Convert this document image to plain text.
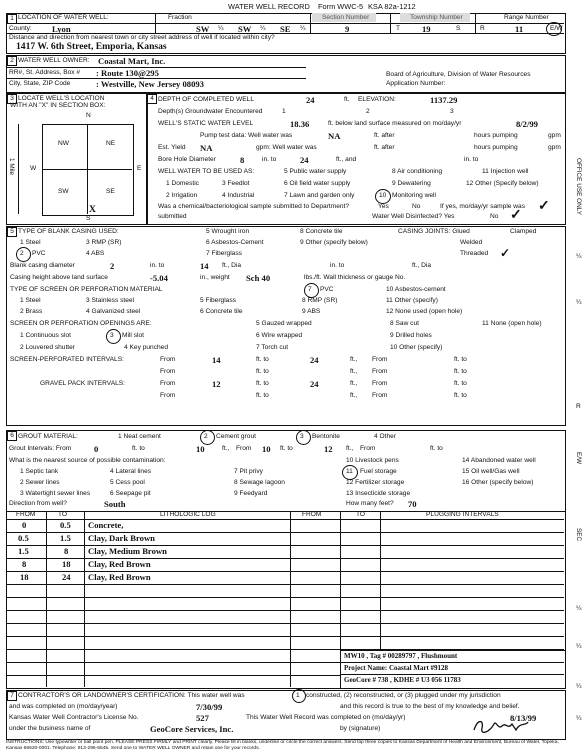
WATER WELL RECORD Form WWC-5 KSA 82a-1212
1 LOCATION OF WATER WELL:	Fraction	Section Number	Township Number	Range Number
County: Lyon	SW ¼ SW ¼ SE ¼	9	T	19	S	R	11	E/W
Distance and direction from nearest town or city street address of well if located within city?
1417 W. 6th Street, Emporia, Kansas
2 WATER WELL OWNER: Coastal Mart, Inc.
RR#, St. Address, Box # : Route 130@295
City, State, ZIP Code	: Westville, New Jersey 08093
Board of Agriculture, Division of Water Resources
Application Number:
3 LOCATE WELL'S LOCATION
WITH AN "X" IN SECTION BOX:
N
NW	NE
SW	SE
W	E
S
X
1 Mile
4 DEPTH OF COMPLETED WELL	24	ft. ELEVATION:	1137.29
Depth(s) Groundwater Encountered	1	2	3
WELL'S STATIC WATER LEVEL	18.36	ft. below land surface measured on mo/day/yr	8/2/99
Pump test data: Well water was	NA	ft. after	hours pumping	gpm
Est. Yield NA	gpm: Well water was	ft. after	hours pumping	gpm
Bore Hole Diameter	8	in. to	24	ft., and	in. to
WELL WATER TO BE USED AS:	5 Public water supply	8 Air conditioning	11 Injection well
1 Domestic	3 Feedlot	6 Oil field water supply	9 Dewatering	12 Other (Specify below)
2 Irrigation	4 Industrial	7 Lawn and garden only	10 Monitoring well
Was a chemical/bacteriological sample submitted to Department?	Yes	No	If yes, mo/day/yr sample was
submitted	Water Well Disinfected? Yes	No
✓
✓
5 TYPE OF BLANK CASING USED:	5 Wrought iron	8 Concrete tile	CASING JOINTS: Glued	Clamped
1 Steel	3 RMP (SR)	6 Asbestos-Cement	9 Other (specify below)	Welded
2 PVC	4 ABS	7 Fiberglass	Threaded ✓
Blank casing diameter	2	in. to	14 ft., Dia	in. to	ft., Dia
Casing height above land surface	-5.04	in., weight Sch 40	lbs./ft. Wall thickness or gauge No.
TYPE OF SCREEN OR PERFORATION MATERIAL	7 PVC	10 Asbestos-cement
1 Steel	3 Stainless steel	5 Fiberglass	8 RMP (SR)	11 Other (specify)
2 Brass	4 Galvanized steel	6 Concrete tile	9 ABS	12 None used (open hole)
SCREEN OR PERFORATION OPENINGS ARE:	5 Gauzed wrapped	8 Saw cut	11 None (open hole)
1 Continuous slot	3 Mill slot	6 Wire wrapped	9 Drilled holes
2 Louvered shutter	4 Key punched	7 Torch cut	10 Other (specify)
SCREEN-PERFORATED INTERVALS:	From	14	ft. to	24	ft., From	ft. to
From	ft. to	ft., From	ft. to
GRAVEL PACK INTERVALS:	From	12	ft. to	24	ft., From	ft. to
From	ft. to	ft., From	ft. to
6 GROUT MATERIAL:	1 Neat cement	2 Cement grout	3 Bentonite	4 Other
Grout Intervals: From	0	ft. to	10	ft., From 10 ft. to	12 ft., From	ft. to
What is the nearest source of possible contamination:	10 Livestock pens	14 Abandoned water well
1 Septic tank	4 Lateral lines	7 Pit privy	11 Fuel storage	15 Oil well/Gas well
2 Sewer lines	5 Cess pool	8 Sewage lagoon	12 Fertilizer storage	16 Other (specify below)
3 Watertight sewer lines	6 Seepage pit	9 Feedyard	13 Insecticide storage
Direction from well?	South	How many feet? 70
FROM	TO	LITHOLOGIC LOG	FROM	TO	PLUGGING INTERVALS
0	0.5 Concrete,
0.5	1.5 Clay, Dark Brown
1.5	8 Clay, Medium Brown
8	18 Clay, Red Brown
18	24 Clay, Red Brown
MW10 , Tag # 00289797 , Flushmount
Project Name: Coastal Mart #9128
GeoCore # 738 , KDHE # U3 056 11783
7 CONTRACTOR'S OR LANDOWNER'S CERTIFICATION: This water well was	1 constructed, (2) reconstructed, or (3) plugged under my jurisdiction
and was completed on (mo/day/year)	7/30/99	and this record is true to the best of my knowledge and belief.
Kansas Water Well Contractor's License No.	527	This Water Well Record was completed on (mo/day/yr)	8/13/99
under the business name of	GeoCore Services, Inc.	by (signature)
INSTRUCTIONS: Use typewriter or ball point pen. PLEASE PRESS FIRMLY and PRINT clearly. Please fill in blanks, underline or circle the correct answers. Send top three copies to Kansas Department of Health and Environment, Bureau of Water, Topeka, Kansas 66620-0001. Telephone: 913-296-5545. Send one to WATER WELL OWNER and retain one for your records.
OFFICE USE ONLY
R
E/W
SEC
¼
¼
¼
¼
¼
¼
